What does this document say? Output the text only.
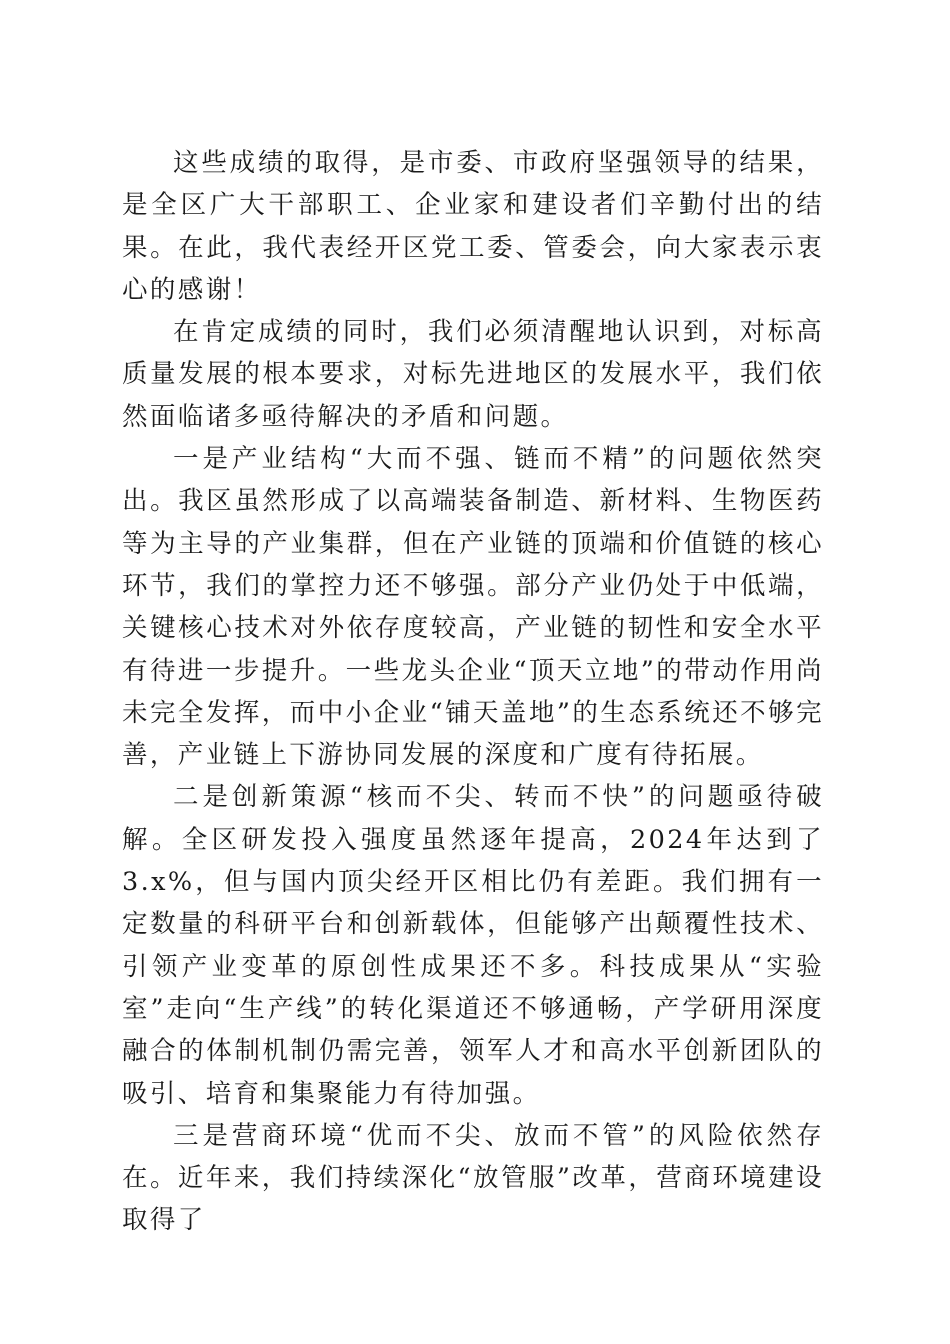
这些成绩的取得，是市委、市政府坚强领导的结果，是全区广大干部职工、企业家和建设者们辛勤付出的结果。在此，我代表经开区党工委、管委会，向大家表示衷心的感谢！

在肯定成绩的同时，我们必须清醒地认识到，对标高质量发展的根本要求，对标先进地区的发展水平，我们依然面临诸多亟待解决的矛盾和问题。

一是产业结构“大而不强、链而不精”的问题依然突出。我区虽然形成了以高端装备制造、新材料、生物医药等为主导的产业集群，但在产业链的顶端和价值链的核心环节，我们的掌控力还不够强。部分产业仍处于中低端，关键核心技术对外依存度较高，产业链的韧性和安全水平有待进一步提升。一些龙头企业“顶天立地”的带动作用尚未完全发挥，而中小企业“铺天盖地”的生态系统还不够完善，产业链上下游协同发展的深度和广度有待拓展。

二是创新策源“核而不尖、转而不快”的问题亟待破解。全区研发投入强度虽然逐年提高，2024年达到了3.x%，但与国内顶尖经开区相比仍有差距。我们拥有一定数量的科研平台和创新载体，但能够产出颠覆性技术、引领产业变革的原创性成果还不多。科技成果从“实验室”走向“生产线”的转化渠道还不够通畅，产学研用深度融合的体制机制仍需完善，领军人才和高水平创新团队的吸引、培育和集聚能力有待加强。

三是营商环境“优而不尖、放而不管”的风险依然存在。近年来，我们持续深化“放管服”改革，营商环境建设取得了
